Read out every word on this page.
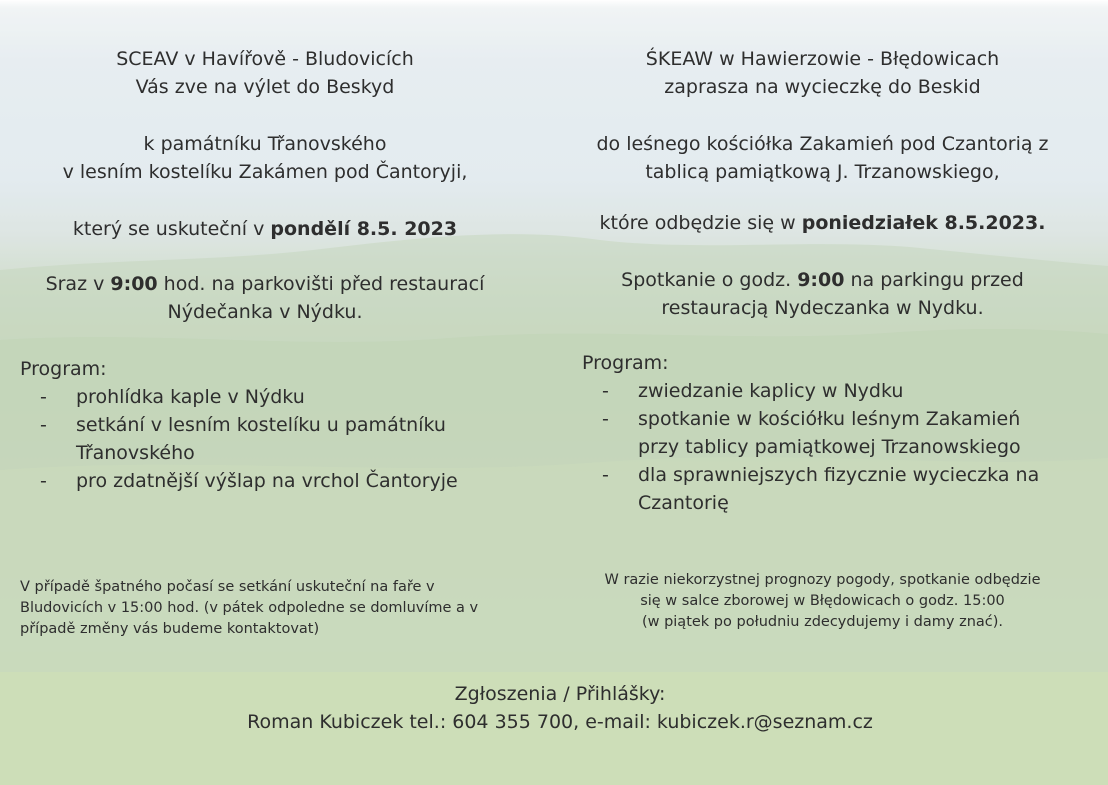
SCEAV v Havířově - Bludovicích

Vás zve na výlet do Beskyd

k památníku Třanovského

v lesním kostelíku Zakámen pod Čantoryji,

který se uskuteční v pondělí 8.5. 2023

Sraz v 9:00 hod. na parkovišti před restaurací

Nýdečanka v Nýdku.

Program:

- prohlídka kaple v Nýdku
- setkání v lesním kostelíku u památníku Třanovského
- pro zdatnější výšlap na vrchol Čantoryje
V případě špatného počasí se setkání uskuteční na faře v
Bludovicích v 15:00 hod. (v pátek odpoledne se domluvíme a v
případě změny vás budeme kontaktovat)

ŚKEAW w Hawierzowie - Błędowicach

zaprasza na wycieczkę do Beskid

do leśnego kościółka Zakamień pod Czantorią z

tablicą pamiątkową J. Trzanowskiego,

które odbędzie się w poniedziałek 8.5.2023.

Spotkanie o godz. 9:00 na parkingu przed

restauracją Nydeczanka w Nydku.

Program:

- zwiedzanie kaplicy w Nydku
- spotkanie w kościółku leśnym Zakamień przy tablicy pamiątkowej Trzanowskiego
- dla sprawniejszych fizycznie wycieczka na Czantorię
W razie niekorzystnej prognozy pogody, spotkanie odbędzie
się w salce zborowej w Błędowicach o godz. 15:00
(w piątek po południu zdecydujemy i damy znać).

Zgłoszenia / Přihlášky:

Roman Kubiczek tel.: 604 355 700, e-mail: kubiczek.r@seznam.cz
